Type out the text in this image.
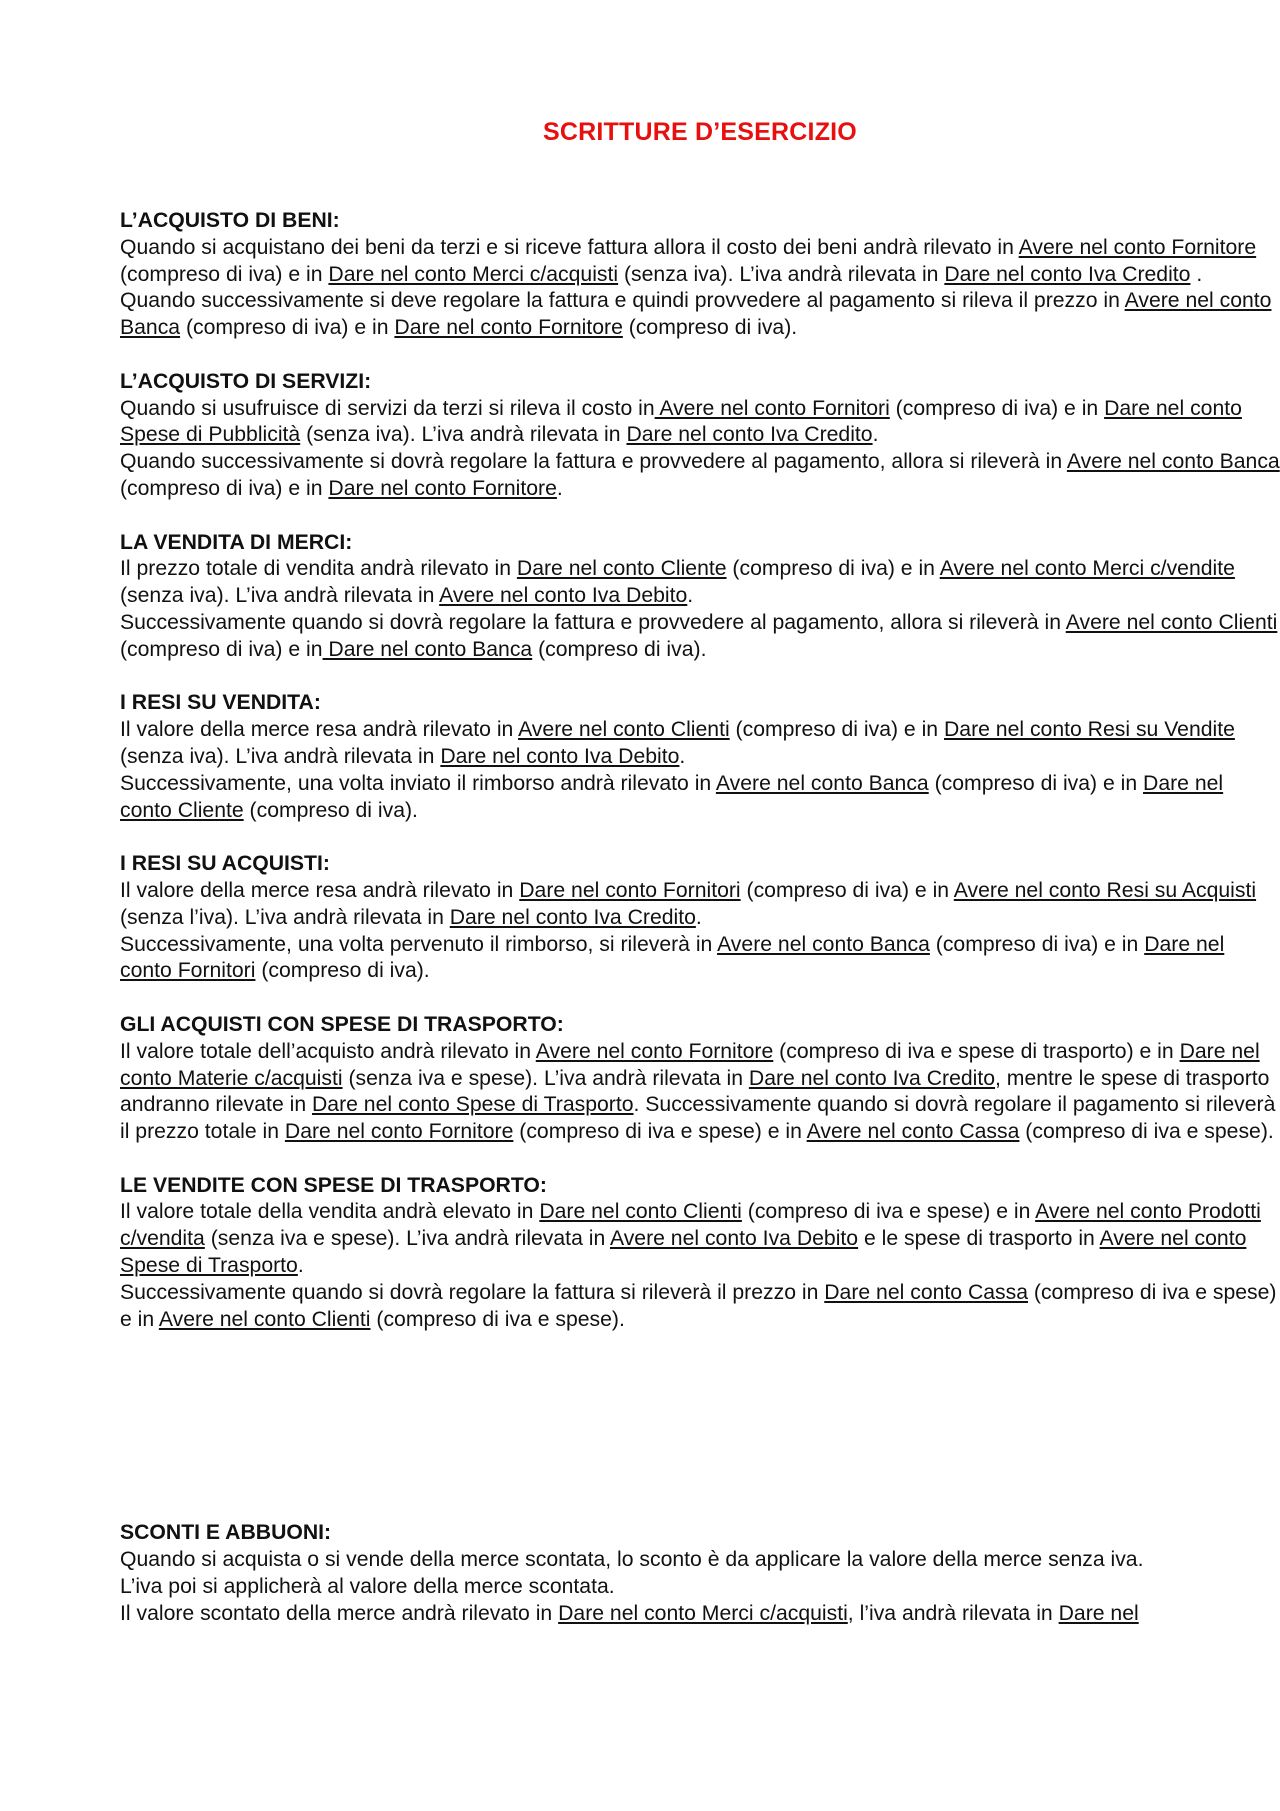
SCRITTURE D’ESERCIZIO
L’ACQUISTO DI BENI:

Quando si acquistano dei beni da terzi e si riceve fattura allora il costo dei beni andrà rilevato in Avere nel conto Fornitore (compreso di iva) e in Dare nel conto Merci c/acquisti (senza iva). L’iva andrà rilevata in Dare nel conto Iva Credito .

Quando successivamente si deve regolare la fattura e quindi provvedere al pagamento si rileva il prezzo in Avere nel conto Banca (compreso di iva) e in Dare nel conto Fornitore (compreso di iva).

L’ACQUISTO DI SERVIZI:

Quando si usufruisce di servizi da terzi si rileva il costo in Avere nel conto Fornitori (compreso di iva) e in Dare nel conto Spese di Pubblicità (senza iva). L’iva andrà rilevata in Dare nel conto Iva Credito.

Quando successivamente si dovrà regolare la fattura e provvedere al pagamento, allora si rileverà in Avere nel conto Banca (compreso di iva) e in Dare nel conto Fornitore.

LA VENDITA DI MERCI:

Il prezzo totale di vendita andrà rilevato in Dare nel conto Cliente (compreso di iva) e in Avere nel conto Merci c/vendite (senza iva). L’iva andrà rilevata in Avere nel conto Iva Debito.

Successivamente quando si dovrà regolare la fattura e provvedere al pagamento, allora si rileverà in Avere nel conto Clienti (compreso di iva) e in Dare nel conto Banca (compreso di iva).

I RESI SU VENDITA:

Il valore della merce resa andrà rilevato in Avere nel conto Clienti (compreso di iva) e in Dare nel conto Resi su Vendite (senza iva). L’iva andrà rilevata in Dare nel conto Iva Debito.

Successivamente, una volta inviato il rimborso andrà rilevato in Avere nel conto Banca (compreso di iva) e in Dare nel conto Cliente (compreso di iva).

I RESI SU ACQUISTI:

Il valore della merce resa andrà rilevato in Dare nel conto Fornitori (compreso di iva) e in Avere nel conto Resi su Acquisti (senza l’iva). L’iva andrà rilevata in Dare nel conto Iva Credito.

Successivamente, una volta pervenuto il rimborso, si rileverà in Avere nel conto Banca (compreso di iva) e in Dare nel conto Fornitori (compreso di iva).

GLI ACQUISTI CON SPESE DI TRASPORTO:

Il valore totale dell’acquisto andrà rilevato in Avere nel conto Fornitore (compreso di iva e spese di trasporto) e in Dare nel conto Materie c/acquisti (senza iva e spese). L’iva andrà rilevata in Dare nel conto Iva Credito, mentre le spese di trasporto andranno rilevate in Dare nel conto Spese di Trasporto. Successivamente quando si dovrà regolare il pagamento si rileverà il prezzo totale in Dare nel conto Fornitore (compreso di iva e spese) e in Avere nel conto Cassa (compreso di iva e spese).

LE VENDITE CON SPESE DI TRASPORTO:

Il valore totale della vendita andrà elevato in Dare nel conto Clienti (compreso di iva e spese) e in Avere nel conto Prodotti c/vendita (senza iva e spese). L’iva andrà rilevata in Avere nel conto Iva Debito e le spese di trasporto in Avere nel conto Spese di Trasporto.

Successivamente quando si dovrà regolare la fattura si rileverà il prezzo in Dare nel conto Cassa (compreso di iva e spese) e in Avere nel conto Clienti (compreso di iva e spese).

SCONTI E ABBUONI:

Quando si acquista o si vende della merce scontata, lo sconto è da applicare la valore della merce senza iva.

L’iva poi si applicherà al valore della merce scontata.

Il valore scontato della merce andrà rilevato in Dare nel conto Merci c/acquisti, l’iva andrà rilevata in Dare nel
